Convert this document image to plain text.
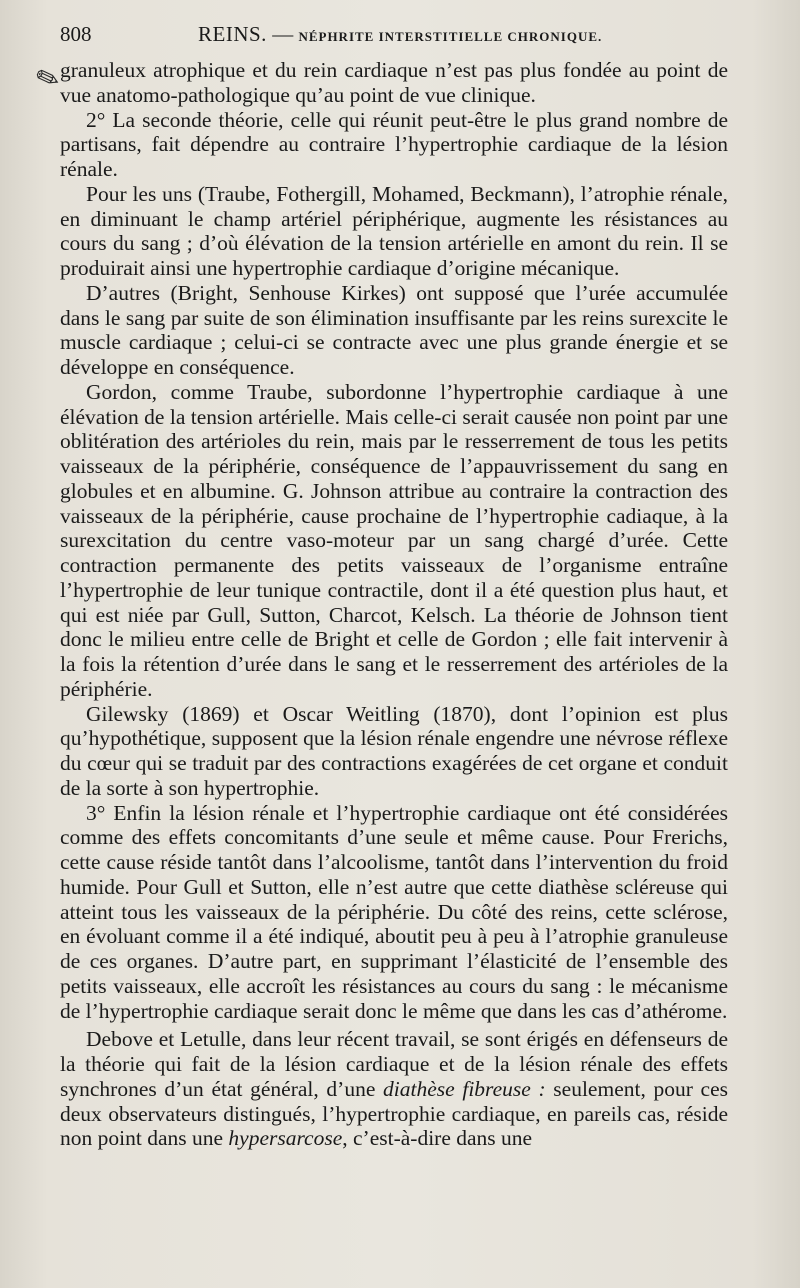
808	REINS. — NÉPHRITE INTERSTITIELLE CHRONIQUE.
✎

granuleux atrophique et du rein cardiaque n’est pas plus fondée au point de vue anatomo-pathologique qu’au point de vue clinique.

2° La seconde théorie, celle qui réunit peut-être le plus grand nombre de partisans, fait dépendre au contraire l’hypertrophie cardiaque de la lésion rénale.

Pour les uns (Traube, Fothergill, Mohamed, Beckmann), l’atrophie rénale, en diminuant le champ artériel périphérique, augmente les résistances au cours du sang ; d’où élévation de la tension artérielle en amont du rein. Il se produirait ainsi une hypertrophie cardiaque d’origine mécanique.

D’autres (Bright, Senhouse Kirkes) ont supposé que l’urée accumulée dans le sang par suite de son élimination insuffisante par les reins surexcite le muscle cardiaque ; celui-ci se contracte avec une plus grande énergie et se développe en conséquence.

Gordon, comme Traube, subordonne l’hypertrophie cardiaque à une élévation de la tension artérielle. Mais celle-ci serait causée non point par une oblitération des artérioles du rein, mais par le resserrement de tous les petits vaisseaux de la périphérie, conséquence de l’appauvrissement du sang en globules et en albumine. G. Johnson attribue au contraire la contraction des vaisseaux de la périphérie, cause prochaine de l’hypertrophie cadiaque, à la surexcitation du centre vaso-moteur par un sang chargé d’urée. Cette contraction permanente des petits vaisseaux de l’organisme entraîne l’hypertrophie de leur tunique contractile, dont il a été question plus haut, et qui est niée par Gull, Sutton, Charcot, Kelsch. La théorie de Johnson tient donc le milieu entre celle de Bright et celle de Gordon ; elle fait intervenir à la fois la rétention d’urée dans le sang et le resserrement des artérioles de la périphérie.

Gilewsky (1869) et Oscar Weitling (1870), dont l’opinion est plus qu’hypothétique, supposent que la lésion rénale engendre une névrose réflexe du cœur qui se traduit par des contractions exagérées de cet organe et conduit de la sorte à son hypertrophie.

3° Enfin la lésion rénale et l’hypertrophie cardiaque ont été considérées comme des effets concomitants d’une seule et même cause. Pour Frerichs, cette cause réside tantôt dans l’alcoolisme, tantôt dans l’intervention du froid humide. Pour Gull et Sutton, elle n’est autre que cette diathèse scléreuse qui atteint tous les vaisseaux de la périphérie. Du côté des reins, cette sclérose, en évoluant comme il a été indiqué, aboutit peu à peu à l’atrophie granuleuse de ces organes. D’autre part, en supprimant l’élasticité de l’ensemble des petits vaisseaux, elle accroît les résistances au cours du sang : le mécanisme de l’hypertrophie cardiaque serait donc le même que dans les cas d’athérome.

Debove et Letulle, dans leur récent travail, se sont érigés en défenseurs de la théorie qui fait de la lésion cardiaque et de la lésion rénale des effets synchrones d’un état général, d’une diathèse fibreuse : seulement, pour ces deux observateurs distingués, l’hypertrophie cardiaque, en pareils cas, réside non point dans une hypersarcose, c’est-à-dire dans une
